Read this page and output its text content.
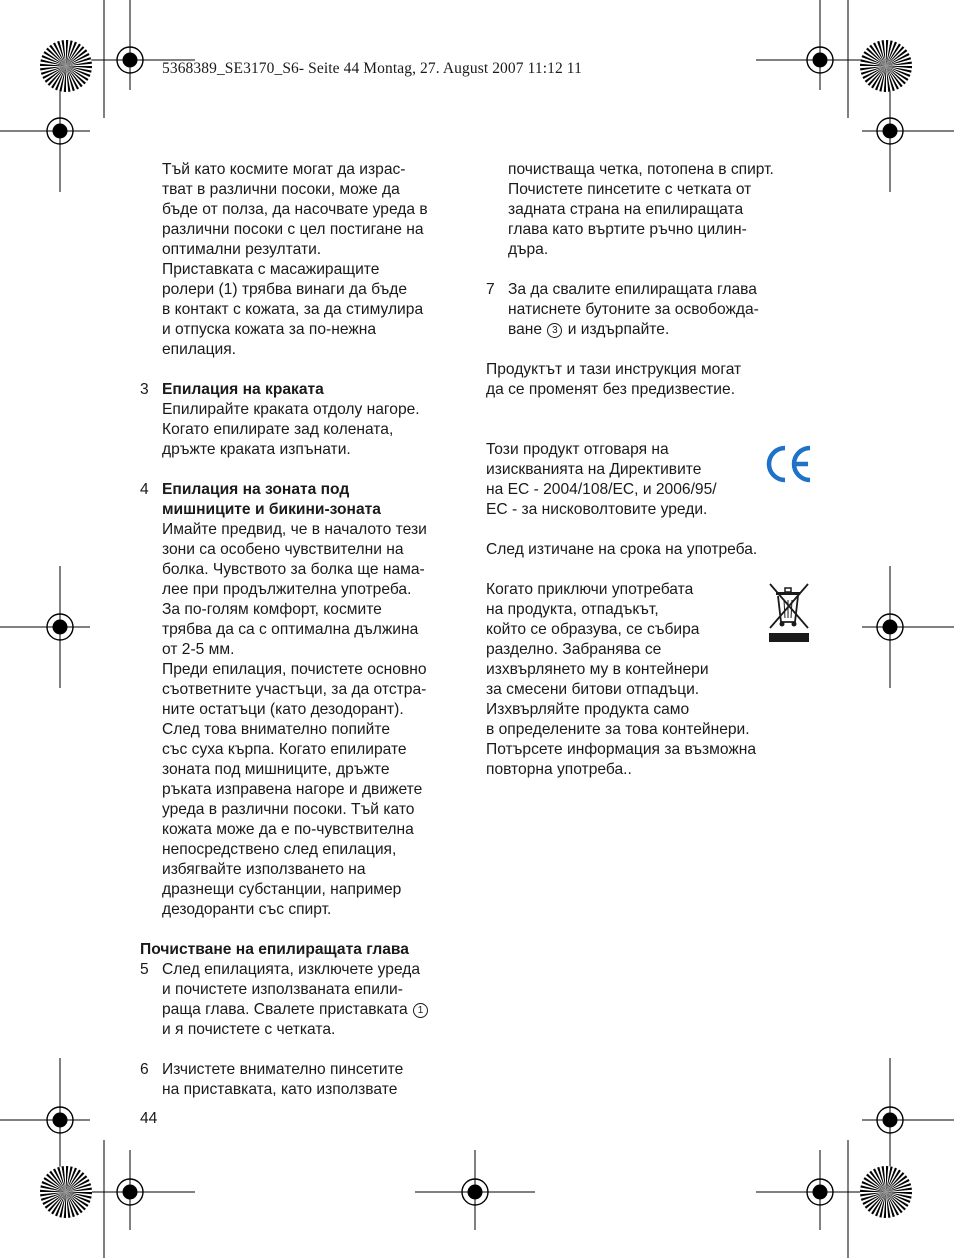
5368389_SE3170_S6- Seite 44 Montag, 27. August 2007 11:12 11
Тъй като космите могат да израс-
тват в различни посоки, може да
бъде от полза, да насочвате уреда в
различни посоки с цел постигане на
оптимални резултати.
Приставката с масажиращите
ролери (1) трябва винаги да бъде
в контакт с кожата, за да стимулира
и отпуска кожата за по-нежна
епилация.
3 Епилация на краката
Епилирайте краката отдолу нагоре.
Когато епилирате зад колената,
дръжте краката изпънати.
4 Епилация на зоната под
мишниците и бикини-зоната
Имайте предвид, че в началото тези
зони са особено чувствителни на
болка. Чувството за болка ще нама-
лее при продължителна употреба.
За по-голям комфорт, космите
трябва да са с оптимална дължина
от 2-5 мм.
Преди епилация, почистете основно
съответните участъци, за да отстра-
ните остатъци (като дезодорант).
След това внимателно попийте
със суха кърпа. Когато епилирате
зоната под мишниците, дръжте
ръката изправена нагоре и движете
уреда в различни посоки. Тъй като
кожата може да е по-чувствителна
непосредствено след епилация,
избягвайте използването на
дразнещи субстанции, например
дезодоранти със спирт.
Почистване на епилиращата глава
5 След епилацията, изключете уреда
и почистете използваната епили-
раща глава. Свалете приставката 1
и я почистете с четката.
6 Изчистете внимателно пинсетите
на приставката, като използвате
почистваща четка, потопена в спирт.
Почистете пинсетите с четката от
задната страна на епилиращата
глава като въртите ръчно цилин-
дъра.
7 За да свалите епилиращата глава
натиснете бутоните за освобожда-
ване 3 и издърпайте.
Продуктът и тази инструкция могат
да се променят без предизвестие.
Този продукт отговаря на
изискванията на Директивите
на ЕС - 2004/108/ЕС, и 2006/95/
ЕС - за нисковолтовите уреди.
След изтичане на срока на употреба.
Когато приключи употребата
на продукта, отпадъкът,
който се образува, се събира
разделно. Забранява се
изхвърлянето му в контейнери
за смесени битови отпадъци.
Изхвърляйте продукта само
в определените за това контейнери.
Потърсете информация за възможна
повторна употреба..
44
